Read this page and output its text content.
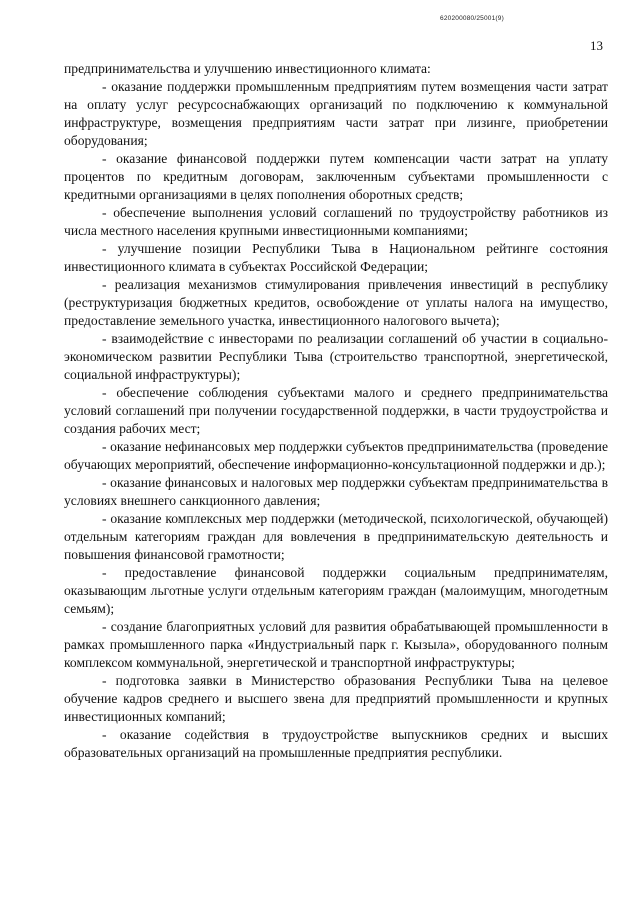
620200080/25001(9)
13

предпринимательства и улучшению инвестиционного климата:

- оказание поддержки промышленным предприятиям путем возмещения части затрат на оплату услуг ресурсоснабжающих организаций по подключению к коммунальной инфраструктуре, возмещения предприятиям части затрат при лизинге, приобретении оборудования;

- оказание финансовой поддержки путем компенсации части затрат на уплату процентов по кредитным договорам, заключенным субъектами промышленности с кредитными организациями в целях пополнения оборотных средств;

- обеспечение выполнения условий соглашений по трудоустройству работников из числа местного населения крупными инвестиционными компаниями;

- улучшение позиции Республики Тыва в Национальном рейтинге состояния инвестиционного климата в субъектах Российской Федерации;

- реализация механизмов стимулирования привлечения инвестиций в республику (реструктуризация бюджетных кредитов, освобождение от уплаты налога на имущество, предоставление земельного участка, инвестиционного налогового вычета);

- взаимодействие с инвесторами по реализации соглашений об участии в социально-экономическом развитии Республики Тыва (строительство транспортной, энергетической, социальной инфраструктуры);

- обеспечение соблюдения субъектами малого и среднего предпринимательства условий соглашений при получении государственной поддержки, в части трудоустройства и создания рабочих мест;

- оказание нефинансовых мер поддержки субъектов предпринимательства (проведение обучающих мероприятий, обеспечение информационно-консультационной поддержки и др.);

- оказание финансовых и налоговых мер поддержки субъектам предпринимательства в условиях внешнего санкционного давления;

- оказание комплексных мер поддержки (методической, психологической, обучающей) отдельным категориям граждан для вовлечения в предпринимательскую деятельность и повышения финансовой грамотности;

- предоставление финансовой поддержки социальным предпринимателям, оказывающим льготные услуги отдельным категориям граждан (малоимущим, многодетным семьям);

- создание благоприятных условий для развития обрабатывающей промышленности в рамках промышленного парка «Индустриальный парк г. Кызыла», оборудованного полным комплексом коммунальной, энергетической и транспортной инфраструктуры;

- подготовка заявки в Министерство образования Республики Тыва на целевое обучение кадров среднего и высшего звена для предприятий промышленности и крупных инвестиционных компаний;

- оказание содействия в трудоустройстве выпускников средних и высших образовательных организаций на промышленные предприятия республики.
